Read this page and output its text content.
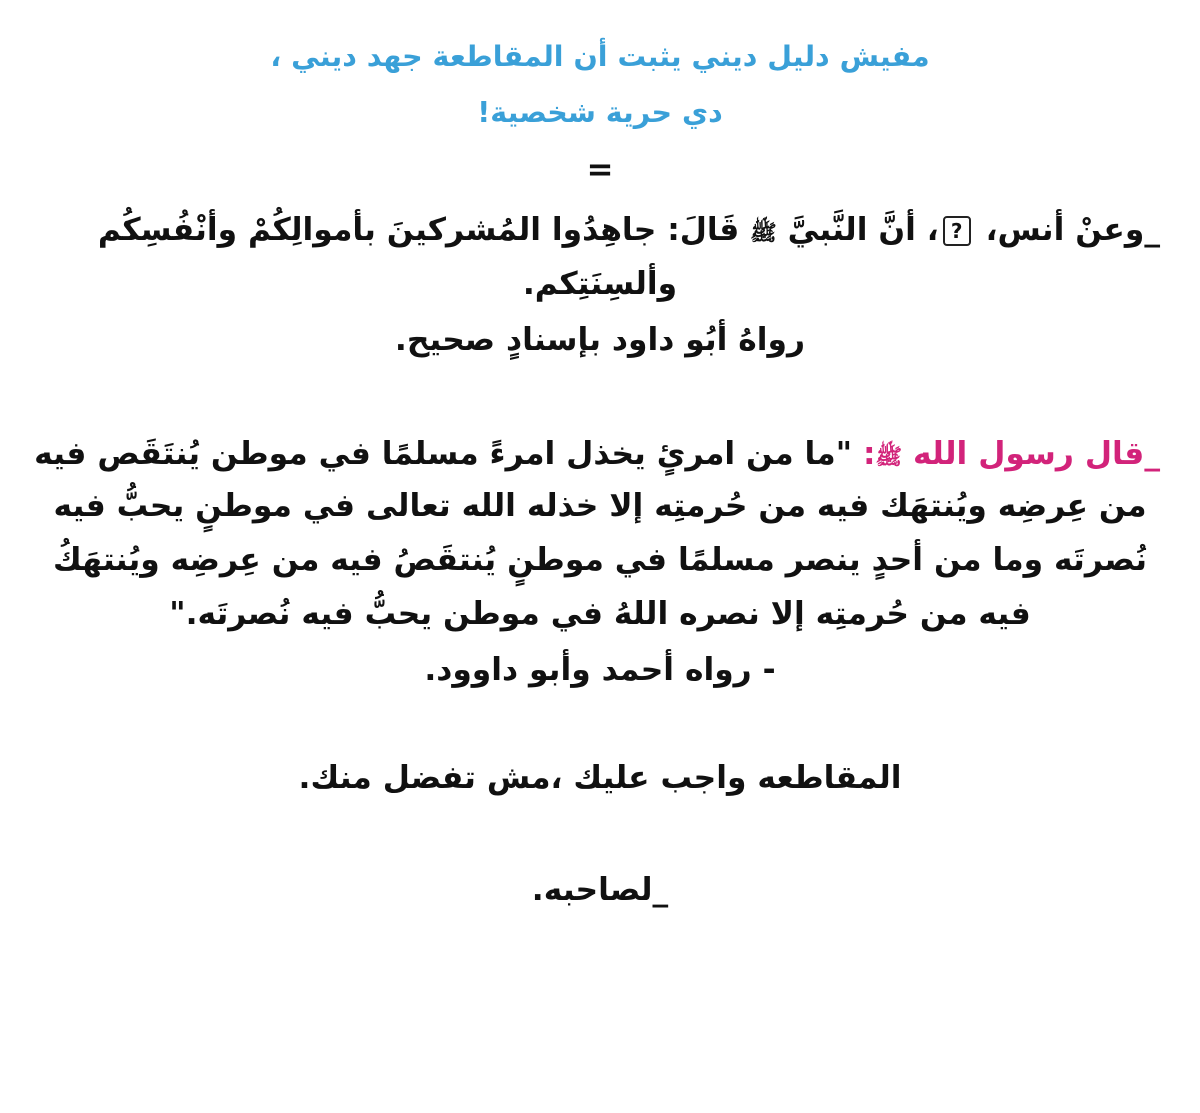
مفيش دليل ديني يثبت أن المقاطعة جهد ديني ،
دي حرية شخصية!
=
_وعنْ أنس، ?، أنَّ النَّبيَّ ﷺ قَالَ: جاهِدُوا المُشركينَ بأموالِكُمْ وأنْفُسِكُم
وألسِنَتِكم.
رواهُ أبُو داود بإسنادٍ صحيح.
_قال رسول الله ﷺ: "ما من امرئٍ يخذل امرءً مسلمًا في موطن يُنتَقَص فيه
من عِرضِه ويُنتهَك فيه من حُرمتِه إلا خذله الله تعالى في موطنٍ يحبُّ فيه
نُصرتَه وما من أحدٍ ينصر مسلمًا في موطنٍ يُنتقَصُ فيه من عِرضِه ويُنتهَكُ
فيه من حُرمتِه إلا نصره اللهُ في موطن يحبُّ فيه نُصرتَه."
- رواه أحمد وأبو داوود.
المقاطعه واجب عليك ،مش تفضل منك.
_لصاحبه.
